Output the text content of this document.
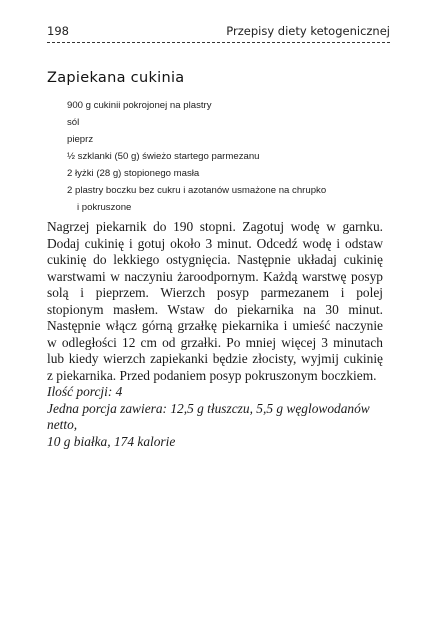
198	Przepisy diety ketogenicznej
Zapiekana cukinia
900 g cukinii pokrojonej na plastry
sól
pieprz
½ szklanki (50 g) świeżo startego parmezanu
2 łyżki (28 g) stopionego masła
2 plastry boczku bez cukru i azotanów usmażone na chrupko
i pokruszone

Nagrzej piekarnik do 190 stopni. Zagotuj wodę w garnku. Dodaj cukinię i gotuj około 3 minut. Odcedź wodę i odstaw cukinię do lekkiego ostygnięcia. Następnie układaj cukinię warstwami w naczyniu żaroodpornym. Każdą warstwę posyp solą i pieprzem. Wierzch posyp parmezanem i polej stopionym masłem. Wstaw do piekarnika na 30 minut. Następnie włącz górną grzałkę piekarnika i umieść naczynie w odległości 12 cm od grzałki. Po mniej więcej 3 minutach lub kiedy wierzch zapiekanki będzie złocisty, wyjmij cukinię z piekarnika. Przed podaniem posyp pokruszonym boczkiem.

Ilość porcji: 4
Jedna porcja zawiera: 12,5 g tłuszczu, 5,5 g węglowodanów netto,
10 g białka, 174 kalorie
